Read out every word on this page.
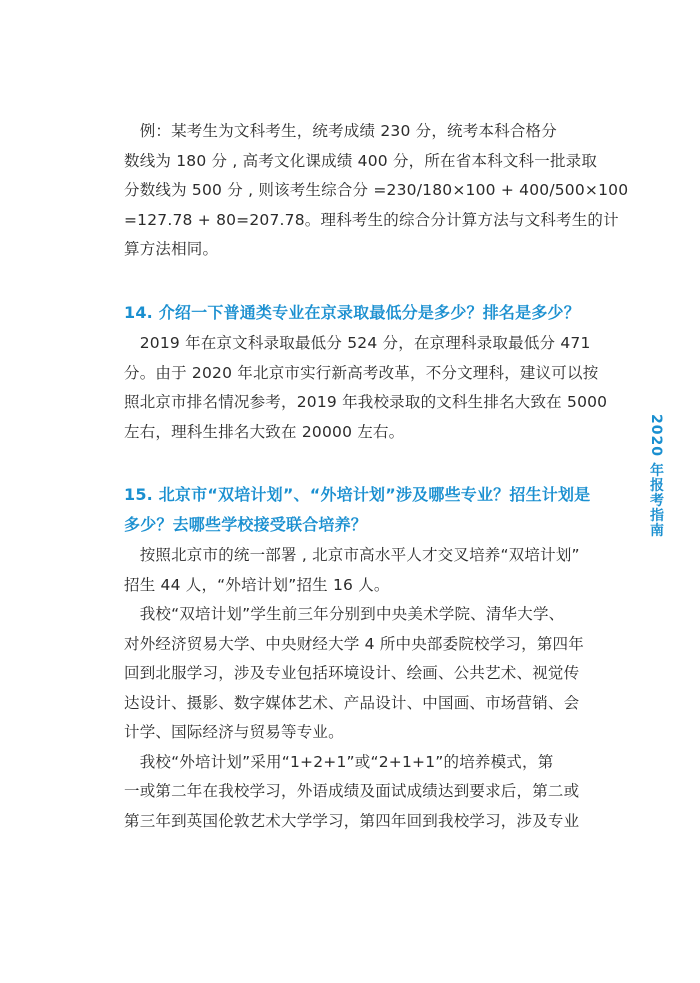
　例：某考生为文科考生，统考成绩 230 分，统考本科合格分
数线为 180 分 , 高考文化课成绩 400 分，所在省本科文科一批录取
分数线为 500 分 , 则该考生综合分 =230/180×100 + 400/500×100
=127.78 + 80=207.78。理科考生的综合分计算方法与文科考生的计
算方法相同。
14. 介绍一下普通类专业在京录取最低分是多少？排名是多少？
　2019 年在京文科录取最低分 524 分，在京理科录取最低分 471
分。由于 2020 年北京市实行新高考改革，不分文理科，建议可以按
照北京市排名情况参考，2019 年我校录取的文科生排名大致在 5000
左右，理科生排名大致在 20000 左右。
15. 北京市“双培计划”、“外培计划”涉及哪些专业？招生计划是
多少？去哪些学校接受联合培养？
　按照北京市的统一部署 , 北京市高水平人才交叉培养“双培计划”
招生 44 人，“外培计划”招生 16 人。
　我校“双培计划”学生前三年分别到中央美术学院、清华大学、
对外经济贸易大学、中央财经大学 4 所中央部委院校学习，第四年
回到北服学习，涉及专业包括环境设计、绘画、公共艺术、视觉传
达设计、摄影、数字媒体艺术、产品设计、中国画、市场营销、会
计学、国际经济与贸易等专业。
　我校“外培计划”采用“1+2+1”或“2+1+1”的培养模式，第
一或第二年在我校学习，外语成绩及面试成绩达到要求后，第二或
第三年到英国伦敦艺术大学学习，第四年回到我校学习，涉及专业
2020 年报考指南
